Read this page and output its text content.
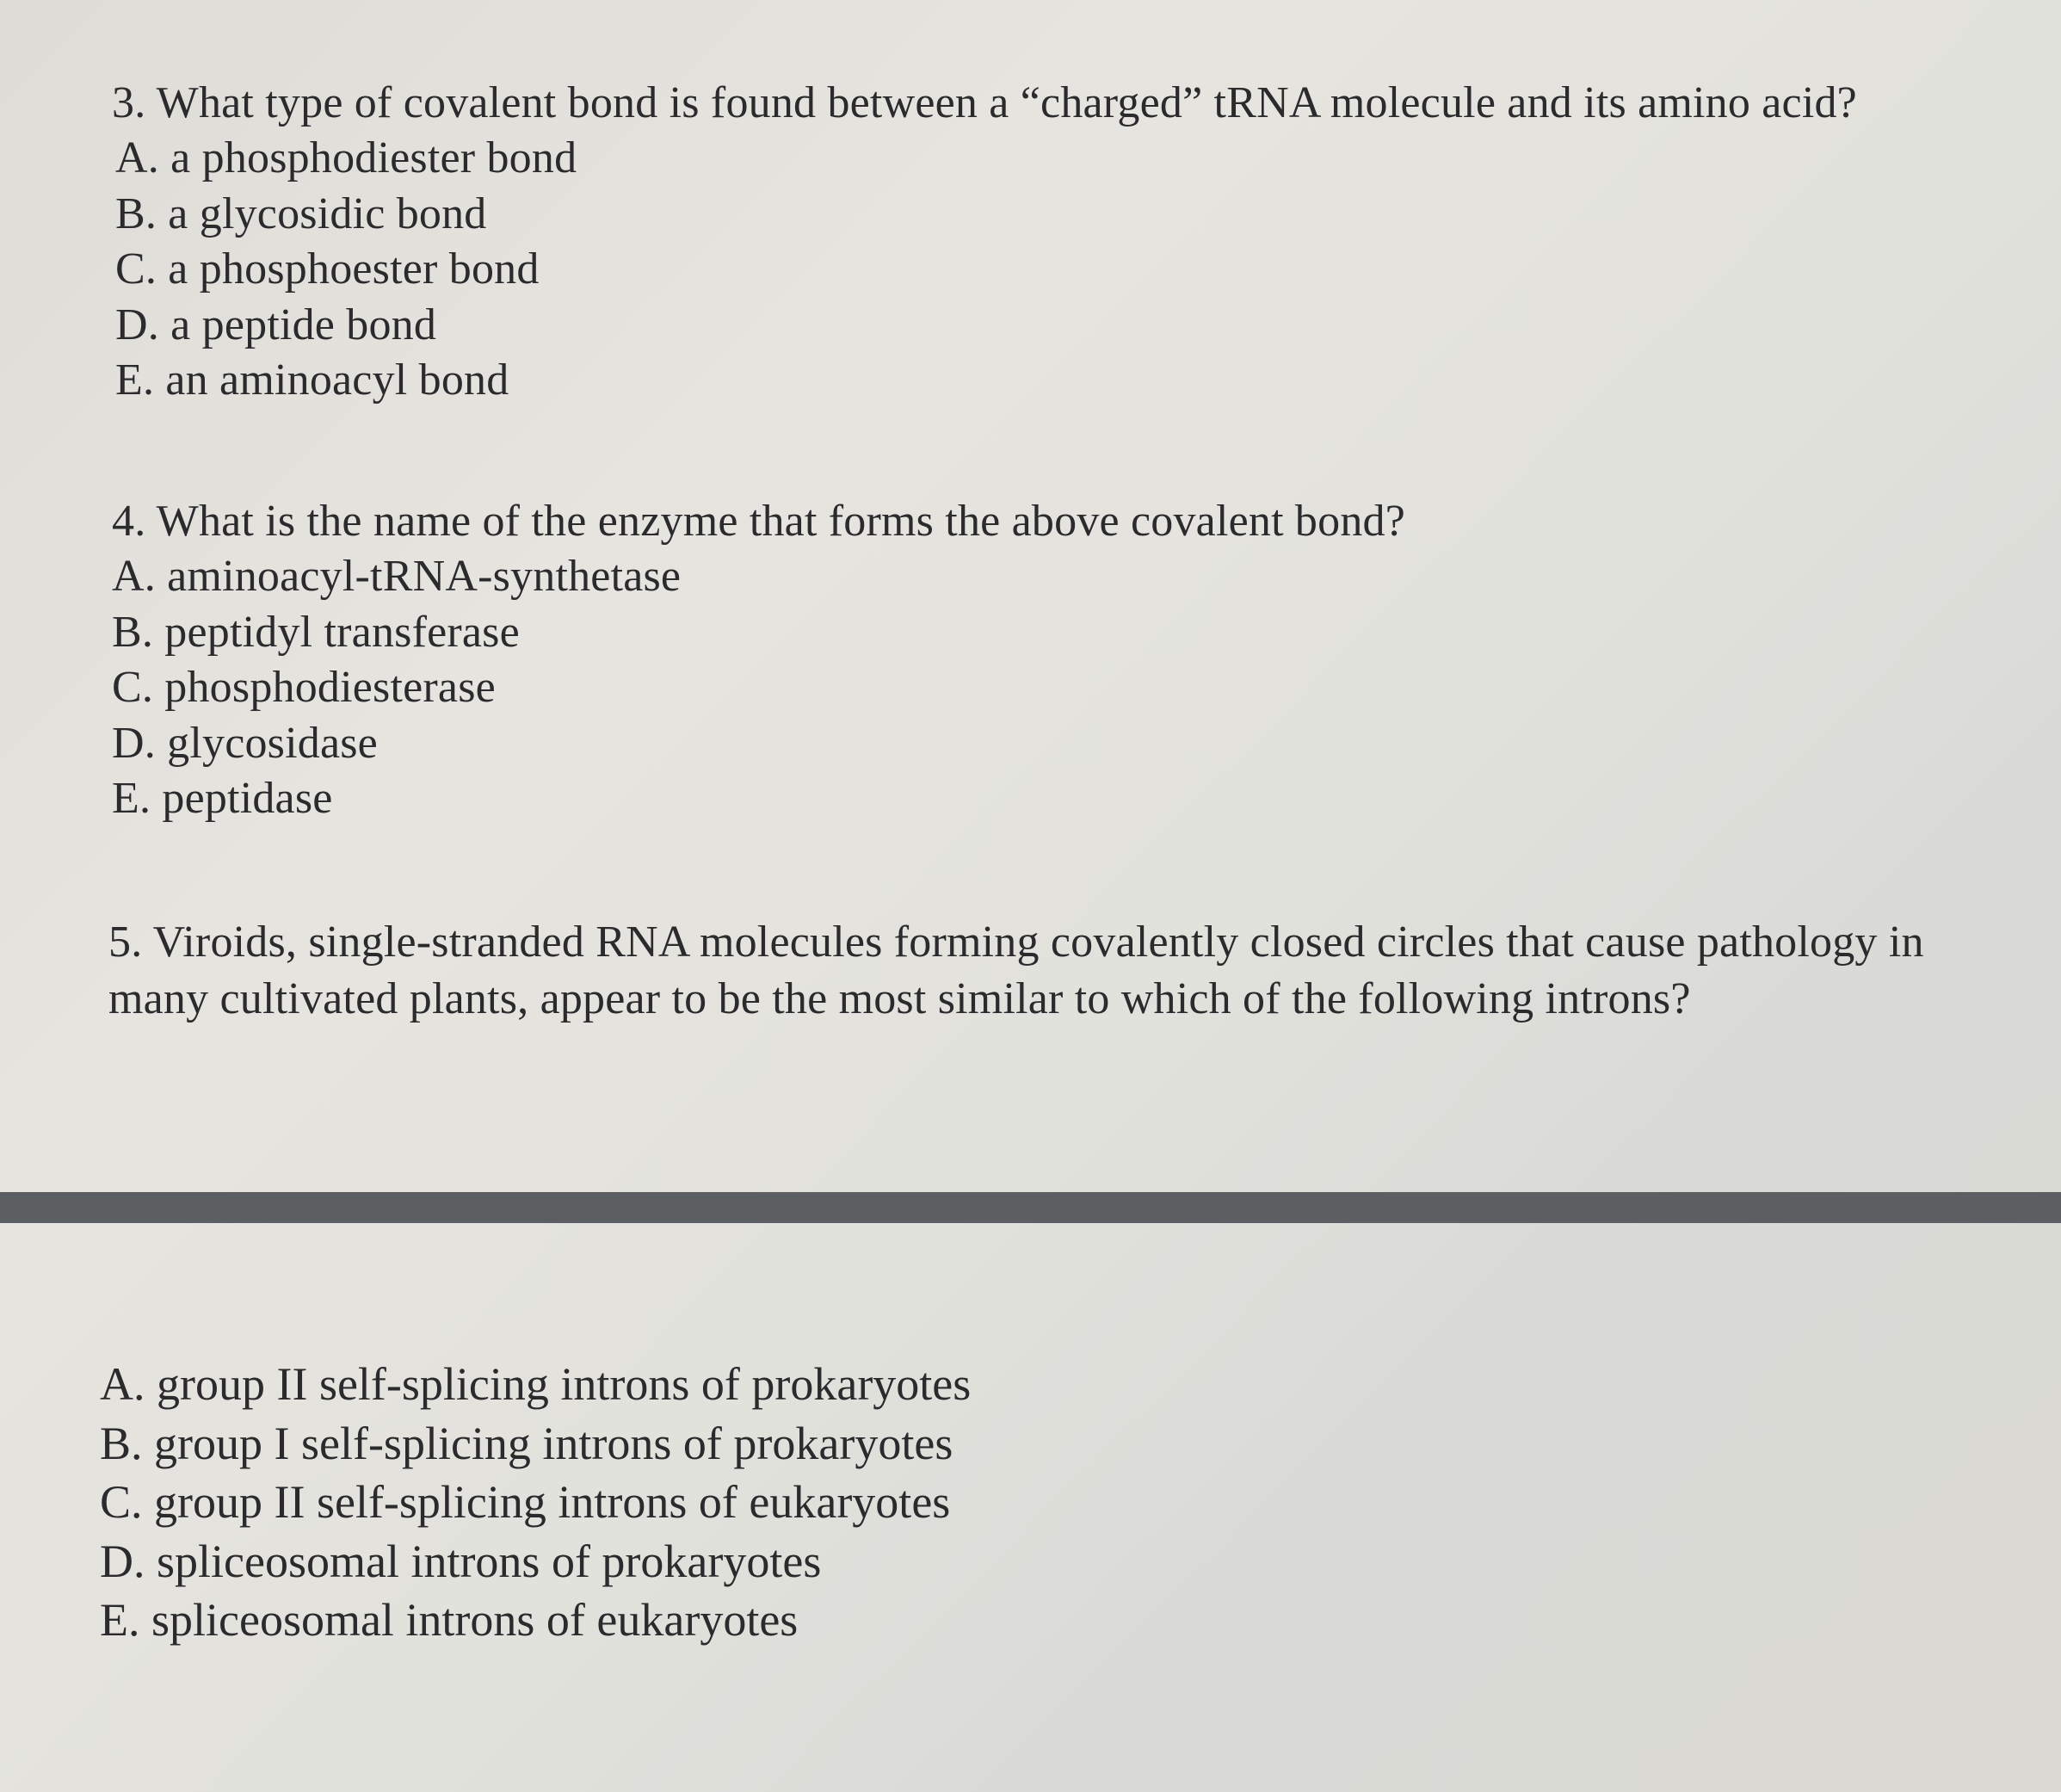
3. What type of covalent bond is found between a “charged” tRNA molecule and its amino acid?

A. a phosphodiester bond
B. a glycosidic bond
C. a phosphoester bond
D. a peptide bond
E. an aminoacyl bond

4. What is the name of the enzyme that forms the above covalent bond?

A. aminoacyl-tRNA-synthetase
B. peptidyl transferase
C. phosphodiesterase
D. glycosidase
E. peptidase

5. Viroids, single-stranded RNA molecules forming covalently closed circles that cause pathology in

many cultivated plants, appear to be the most similar to which of the following introns?

A. group II self-splicing introns of prokaryotes
B. group I self-splicing introns of prokaryotes
C. group II self-splicing introns of eukaryotes
D. spliceosomal introns of prokaryotes
E. spliceosomal introns of eukaryotes
